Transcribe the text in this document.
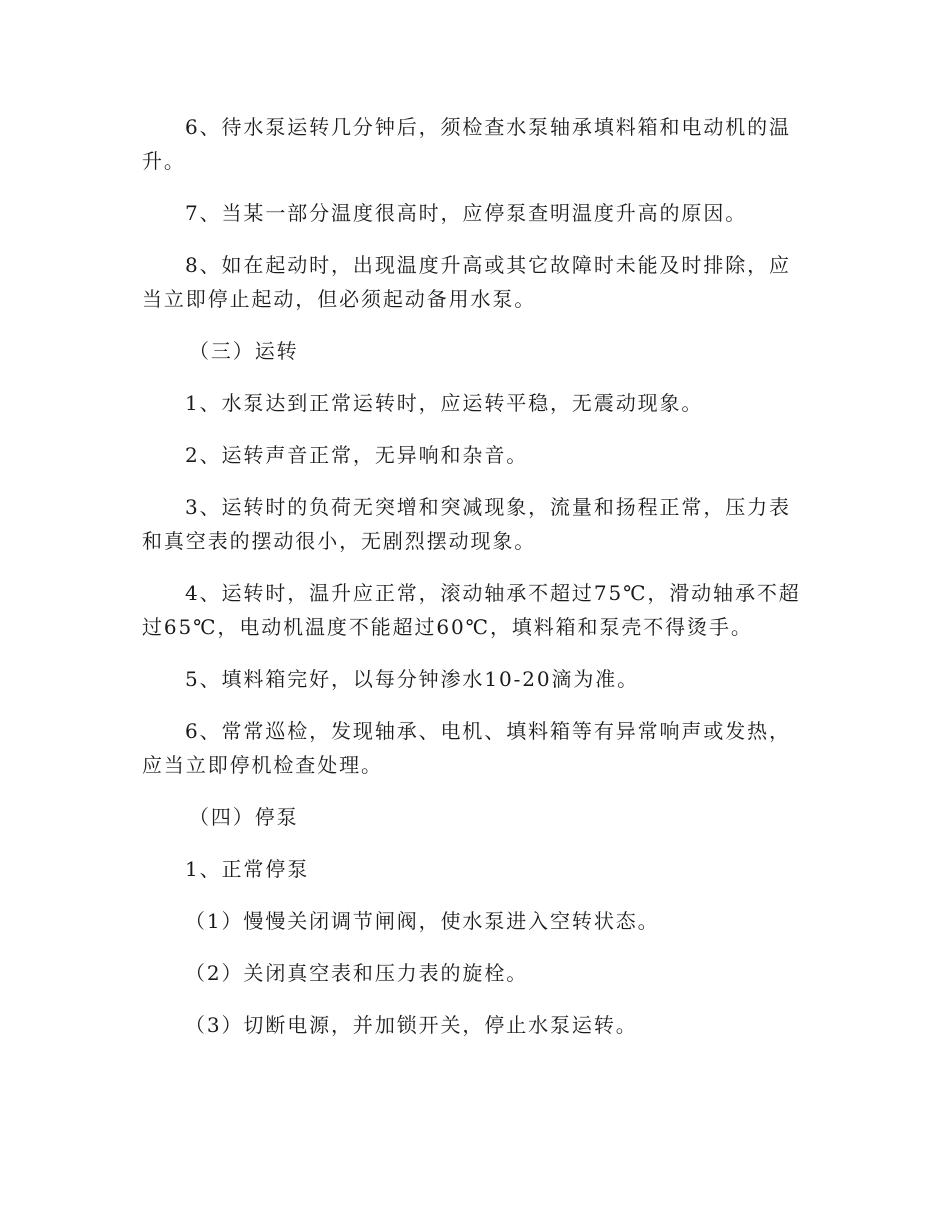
6、待水泵运转几分钟后，须检查水泵轴承填料箱和电动机的温升。

7、当某一部分温度很高时，应停泵查明温度升高的原因。

8、如在起动时，出现温度升高或其它故障时未能及时排除，应当立即停止起动，但必须起动备用水泵。

（三）运转

1、水泵达到正常运转时，应运转平稳，无震动现象。

2、运转声音正常，无异响和杂音。

3、运转时的负荷无突增和突减现象，流量和扬程正常，压力表和真空表的摆动很小，无剧烈摆动现象。

4、运转时，温升应正常，滚动轴承不超过75℃，滑动轴承不超过65℃，电动机温度不能超过60℃，填料箱和泵壳不得烫手。

5、填料箱完好，以每分钟渗水10-20滴为准。

6、常常巡检，发现轴承、电机、填料箱等有异常响声或发热，应当立即停机检查处理。

（四）停泵

1、正常停泵

（1）慢慢关闭调节闸阀，使水泵进入空转状态。

（2）关闭真空表和压力表的旋栓。

（3）切断电源，并加锁开关，停止水泵运转。
